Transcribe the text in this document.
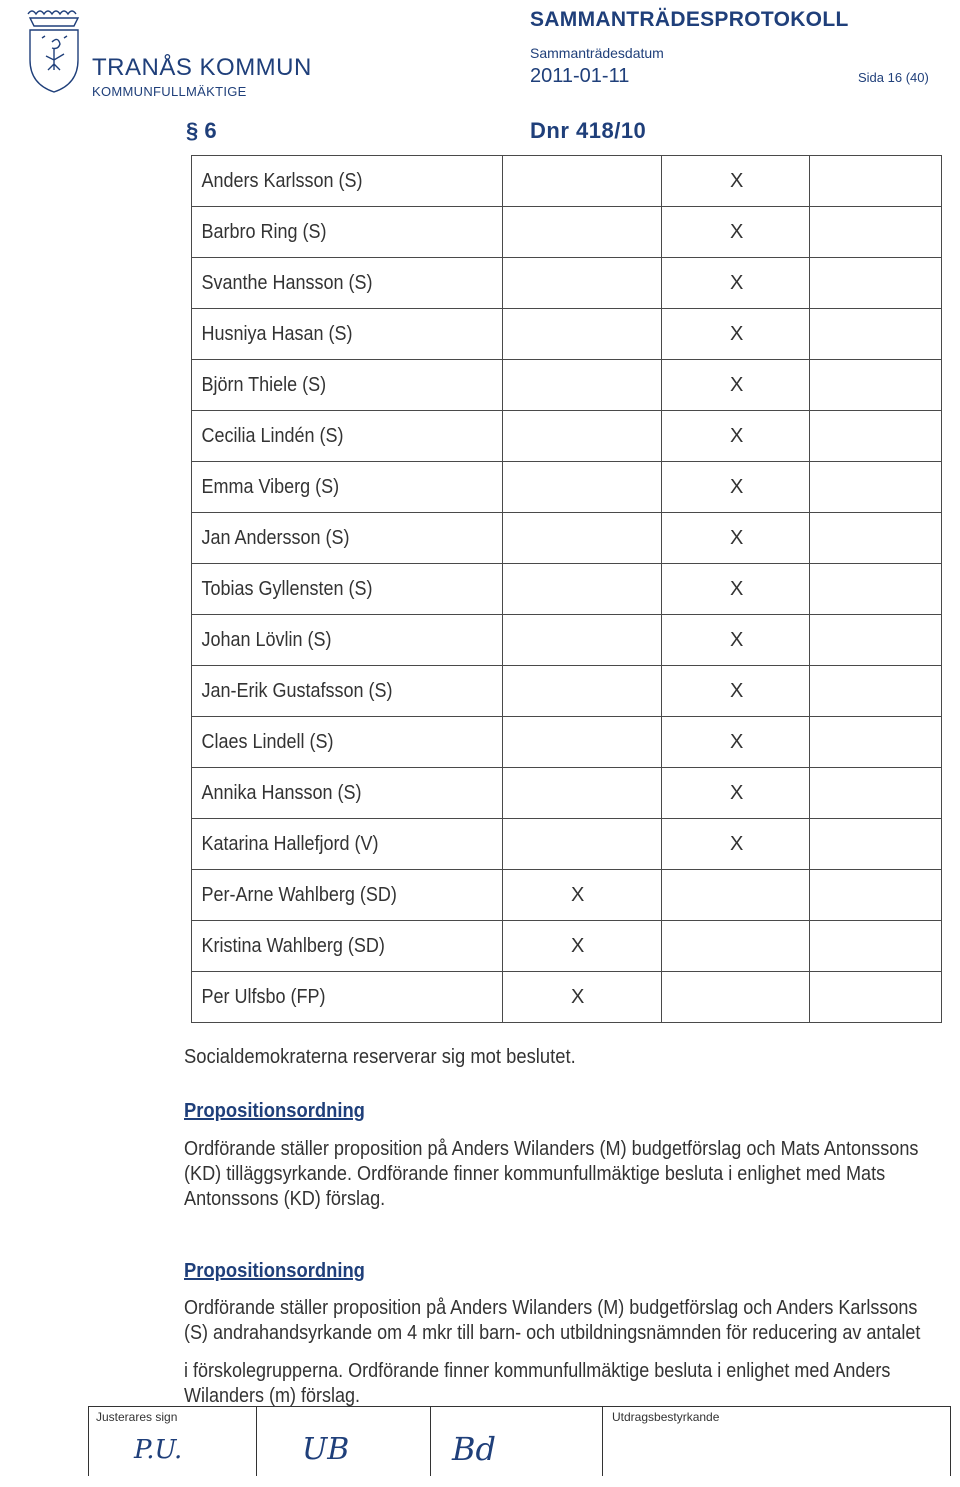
TRANÅS KOMMUN
KOMMUNFULLMÄKTIGE
SAMMANTRÄDESPROTOKOLL
Sammanträdesdatum
2011-01-11	Sida 16 (40)
§ 6	Dnr 418/10
Anders Karlsson (S)		X	
Barbro Ring (S)		X	
Svanthe Hansson (S)		X	
Husniya Hasan (S)		X	
Björn Thiele (S)		X	
Cecilia Lindén (S)		X	
Emma Viberg (S)		X	
Jan Andersson (S)		X	
Tobias Gyllensten (S)		X	
Johan Lövlin (S)		X	
Jan-Erik Gustafsson (S)		X	
Claes Lindell (S)		X	
Annika Hansson (S)		X	
Katarina Hallefjord (V)		X	
Per-Arne Wahlberg (SD)	X		
Kristina Wahlberg (SD)	X		
Per Ulfsbo (FP)	X		
Socialdemokraterna reserverar sig mot beslutet.
Propositionsordning
Ordförande ställer proposition på Anders Wilanders (M) budgetförslag och Mats Antonssons
(KD) tilläggsyrkande. Ordförande finner kommunfullmäktige besluta i enlighet med Mats
Antonssons (KD) förslag.
Propositionsordning
Ordförande ställer proposition på Anders Wilanders (M) budgetförslag och Anders Karlssons
(S) andrahandsyrkande om 4 mkr till barn- och utbildningsnämnden för reducering av antalet
i förskolegrupperna. Ordförande finner kommunfullmäktige besluta i enlighet med Anders
Wilanders (m) förslag.
Justerares sign	Utdragsbestyrkande
P.U.	UB	Bd
